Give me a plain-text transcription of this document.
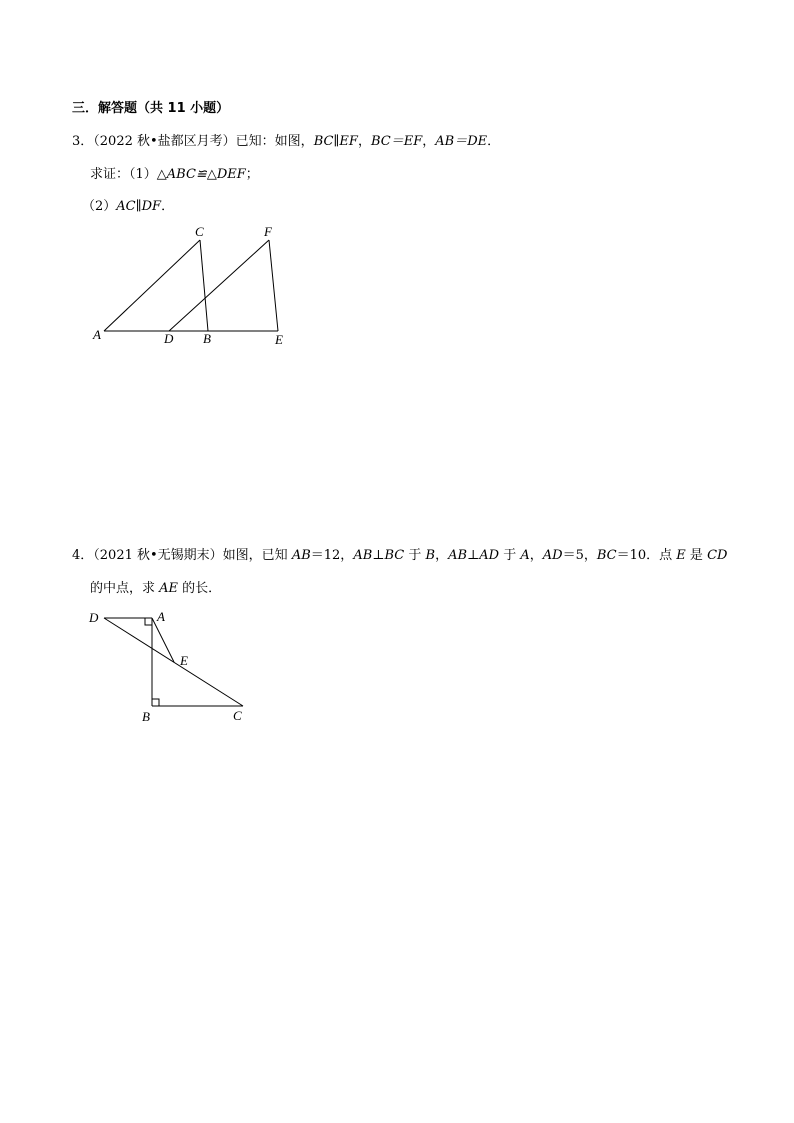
三．解答题（共 11 小题）
3．（2022 秋•盐都区月考）已知：如图，BC∥EF，BC＝EF，AB＝DE．
求证：（1）△ABC≌△DEF；
（2）AC∥DF．
C	F
A	D B	E
4．（2021 秋•无锡期末）如图，已知 AB＝12，AB⊥BC 于 B，AB⊥AD 于 A，AD＝5，BC＝10．点 E 是 CD
的中点，求 AE 的长．
D	A
E
B	C
